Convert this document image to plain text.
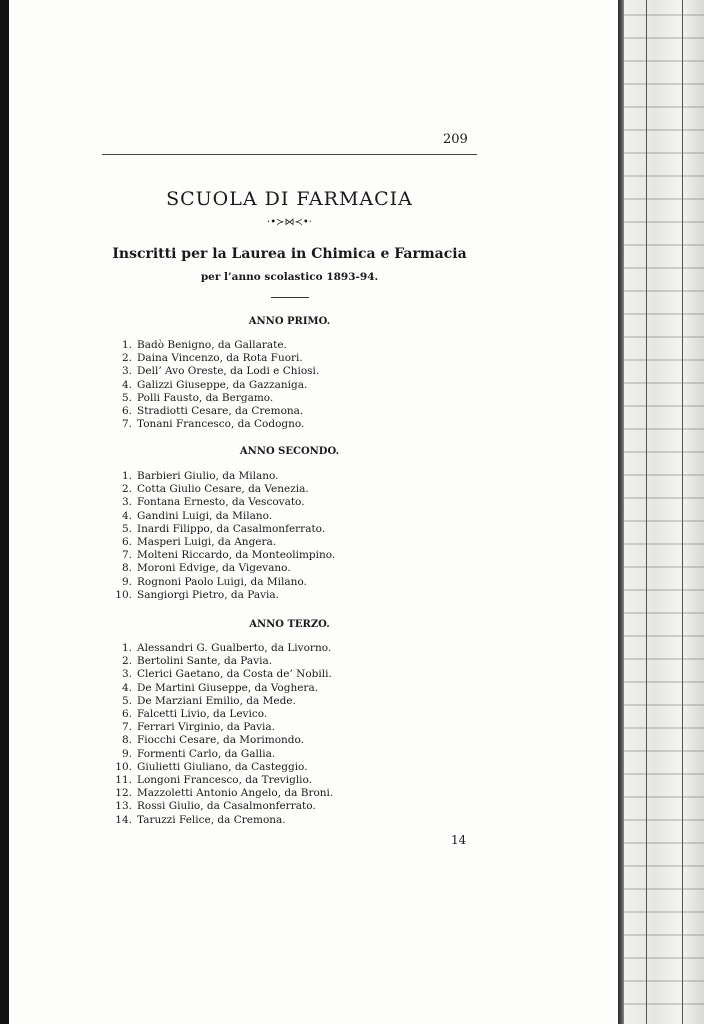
209
SCUOLA DI FARMACIA
·•≻⋈≺•·
Inscritti per la Laurea in Chimica e Farmacia
per l’anno scolastico 1893-94.
ANNO PRIMO.
1. Badò Benigno, da Gallarate.
2. Daina Vincenzo, da Rota Fuori.
3. Dell’ Avo Oreste, da Lodi e Chiosi.
4. Galizzi Giuseppe, da Gazzaniga.
5. Polli Fausto, da Bergamo.
6. Stradiotti Cesare, da Cremona.
7. Tonani Francesco, da Codogno.
ANNO SECONDO.
1. Barbieri Giulio, da Milano.
2. Cotta Giulio Cesare, da Venezia.
3. Fontana Ernesto, da Vescovato.
4. Gandini Luigi, da Milano.
5. Inardi Filippo, da Casalmonferrato.
6. Masperi Luigi, da Angera.
7. Molteni Riccardo, da Monteolimpino.
8. Moroni Edvige, da Vigevano.
9. Rognoni Paolo Luigi, da Milano.
10. Sangiorgi Pietro, da Pavia.
ANNO TERZO.
1. Alessandri G. Gualberto, da Livorno.
2. Bertolini Sante, da Pavia.
3. Clerici Gaetano, da Costa de’ Nobili.
4. De Martini Giuseppe, da Voghera.
5. De Marziani Emilio, da Mede.
6. Falcetti Livio, da Levico.
7. Ferrari Virginio, da Pavia.
8. Fiocchi Cesare, da Morimondo.
9. Formenti Carlo, da Gallia.
10. Giulietti Giuliano, da Casteggio.
11. Longoni Francesco, da Treviglio.
12. Mazzoletti Antonio Angelo, da Broni.
13. Rossi Giulio, da Casalmonferrato.
14. Taruzzi Felice, da Cremona.
14
